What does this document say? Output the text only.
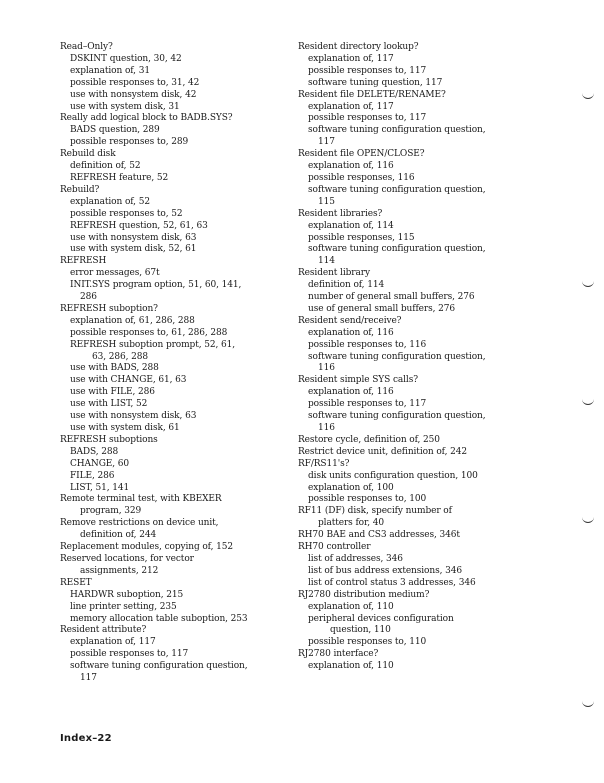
Read–Only?
DSKINT question, 30, 42
explanation of, 31
possible responses to, 31, 42
use with nonsystem disk, 42
use with system disk, 31
Really add logical block to BADB.SYS?
BADS question, 289
possible responses to, 289
Rebuild disk
definition of, 52
REFRESH feature, 52
Rebuild?
explanation of, 52
possible responses to, 52
REFRESH question, 52, 61, 63
use with nonsystem disk, 63
use with system disk, 52, 61
REFRESH
error messages, 67t
INIT.SYS program option, 51, 60, 141,
286
REFRESH suboption?
explanation of, 61, 286, 288
possible responses to, 61, 286, 288
REFRESH suboption prompt, 52, 61,
63, 286, 288
use with BADS, 288
use with CHANGE, 61, 63
use with FILE, 286
use with LIST, 52
use with nonsystem disk, 63
use with system disk, 61
REFRESH suboptions
BADS, 288
CHANGE, 60
FILE, 286
LIST, 51, 141
Remote terminal test, with KBEXER
program, 329
Remove restrictions on device unit,
definition of, 244
Replacement modules, copying of, 152
Reserved locations, for vector
assignments, 212
RESET
HARDWR suboption, 215
line printer setting, 235
memory allocation table suboption, 253
Resident attribute?
explanation of, 117
possible responses to, 117
software tuning configuration question,
117
Resident directory lookup?
explanation of, 117
possible responses to, 117
software tuning question, 117
Resident file DELETE/RENAME?
explanation of, 117
possible responses to, 117
software tuning configuration question,
117
Resident file OPEN/CLOSE?
explanation of, 116
possible responses, 116
software tuning configuration question,
115
Resident libraries?
explanation of, 114
possible responses, 115
software tuning configuration question,
114
Resident library
definition of, 114
number of general small buffers, 276
use of general small buffers, 276
Resident send/receive?
explanation of, 116
possible responses to, 116
software tuning configuration question,
116
Resident simple SYS calls?
explanation of, 116
possible responses to, 117
software tuning configuration question,
116
Restore cycle, definition of, 250
Restrict device unit, definition of, 242
RF/RS11's?
disk units configuration question, 100
explanation of, 100
possible responses to, 100
RF11 (DF) disk, specify number of
platters for, 40
RH70 BAE and CS3 addresses, 346t
RH70 controller
list of addresses, 346
list of bus address extensions, 346
list of control status 3 addresses, 346
RJ2780 distribution medium?
explanation of, 110
peripheral devices configuration
question, 110
possible responses to, 110
RJ2780 interface?
explanation of, 110
Index–22
